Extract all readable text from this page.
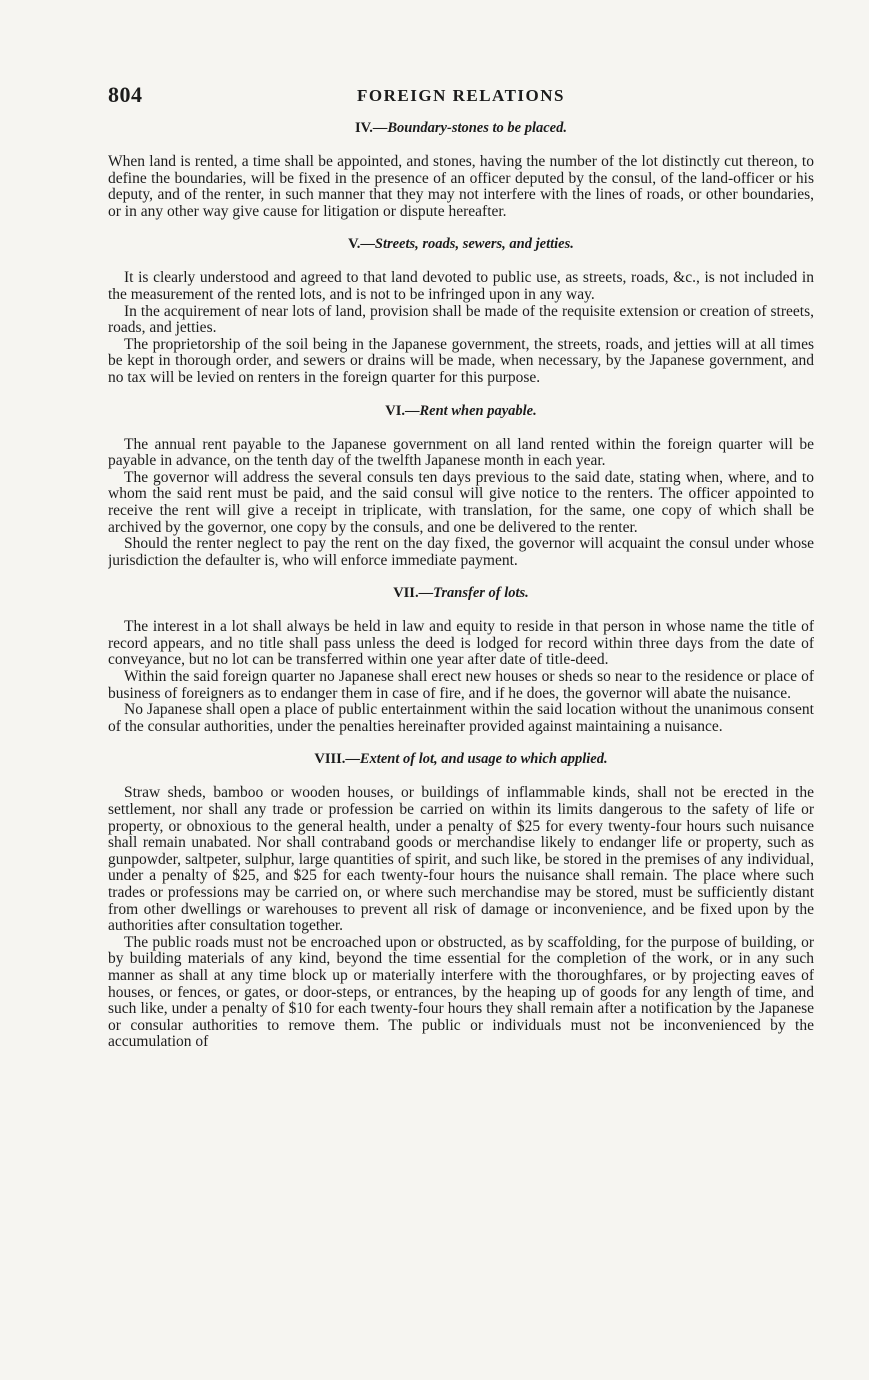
804	FOREIGN RELATIONS
IV.—Boundary-stones to be placed.

When land is rented, a time shall be appointed, and stones, having the number of the lot distinctly cut thereon, to define the boundaries, will be fixed in the presence of an officer deputed by the consul, of the land-officer or his deputy, and of the renter, in such manner that they may not interfere with the lines of roads, or other boundaries, or in any other way give cause for litigation or dispute hereafter.

V.—Streets, roads, sewers, and jetties.

It is clearly understood and agreed to that land devoted to public use, as streets, roads, &c., is not included in the measurement of the rented lots, and is not to be infringed upon in any way.

In the acquirement of near lots of land, provision shall be made of the requisite extension or creation of streets, roads, and jetties.

The proprietorship of the soil being in the Japanese government, the streets, roads, and jetties will at all times be kept in thorough order, and sewers or drains will be made, when necessary, by the Japanese government, and no tax will be levied on renters in the foreign quarter for this purpose.

VI.—Rent when payable.

The annual rent payable to the Japanese government on all land rented within the foreign quarter will be payable in advance, on the tenth day of the twelfth Japanese month in each year.

The governor will address the several consuls ten days previous to the said date, stating when, where, and to whom the said rent must be paid, and the said consul will give notice to the renters. The officer appointed to receive the rent will give a receipt in triplicate, with translation, for the same, one copy of which shall be archived by the governor, one copy by the consuls, and one be delivered to the renter.

Should the renter neglect to pay the rent on the day fixed, the governor will acquaint the consul under whose jurisdiction the defaulter is, who will enforce immediate payment.

VII.—Transfer of lots.

The interest in a lot shall always be held in law and equity to reside in that person in whose name the title of record appears, and no title shall pass unless the deed is lodged for record within three days from the date of conveyance, but no lot can be transferred within one year after date of title-deed.

Within the said foreign quarter no Japanese shall erect new houses or sheds so near to the residence or place of business of foreigners as to endanger them in case of fire, and if he does, the governor will abate the nuisance.

No Japanese shall open a place of public entertainment within the said location without the unanimous consent of the consular authorities, under the penalties hereinafter provided against maintaining a nuisance.

VIII.—Extent of lot, and usage to which applied.

Straw sheds, bamboo or wooden houses, or buildings of inflammable kinds, shall not be erected in the settlement, nor shall any trade or profession be carried on within its limits dangerous to the safety of life or property, or obnoxious to the general health, under a penalty of $25 for every twenty-four hours such nuisance shall remain unabated. Nor shall contraband goods or merchandise likely to endanger life or property, such as gunpowder, saltpeter, sulphur, large quantities of spirit, and such like, be stored in the premises of any individual, under a penalty of $25, and $25 for each twenty-four hours the nuisance shall remain. The place where such trades or professions may be carried on, or where such merchandise may be stored, must be sufficiently distant from other dwellings or warehouses to prevent all risk of damage or inconvenience, and be fixed upon by the authorities after consultation together.

The public roads must not be encroached upon or obstructed, as by scaffolding, for the purpose of building, or by building materials of any kind, beyond the time essential for the completion of the work, or in any such manner as shall at any time block up or materially interfere with the thoroughfares, or by projecting eaves of houses, or fences, or gates, or door-steps, or entrances, by the heaping up of goods for any length of time, and such like, under a penalty of $10 for each twenty-four hours they shall remain after a notification by the Japanese or consular authorities to remove them. The public or individuals must not be inconvenienced by the accumulation of
